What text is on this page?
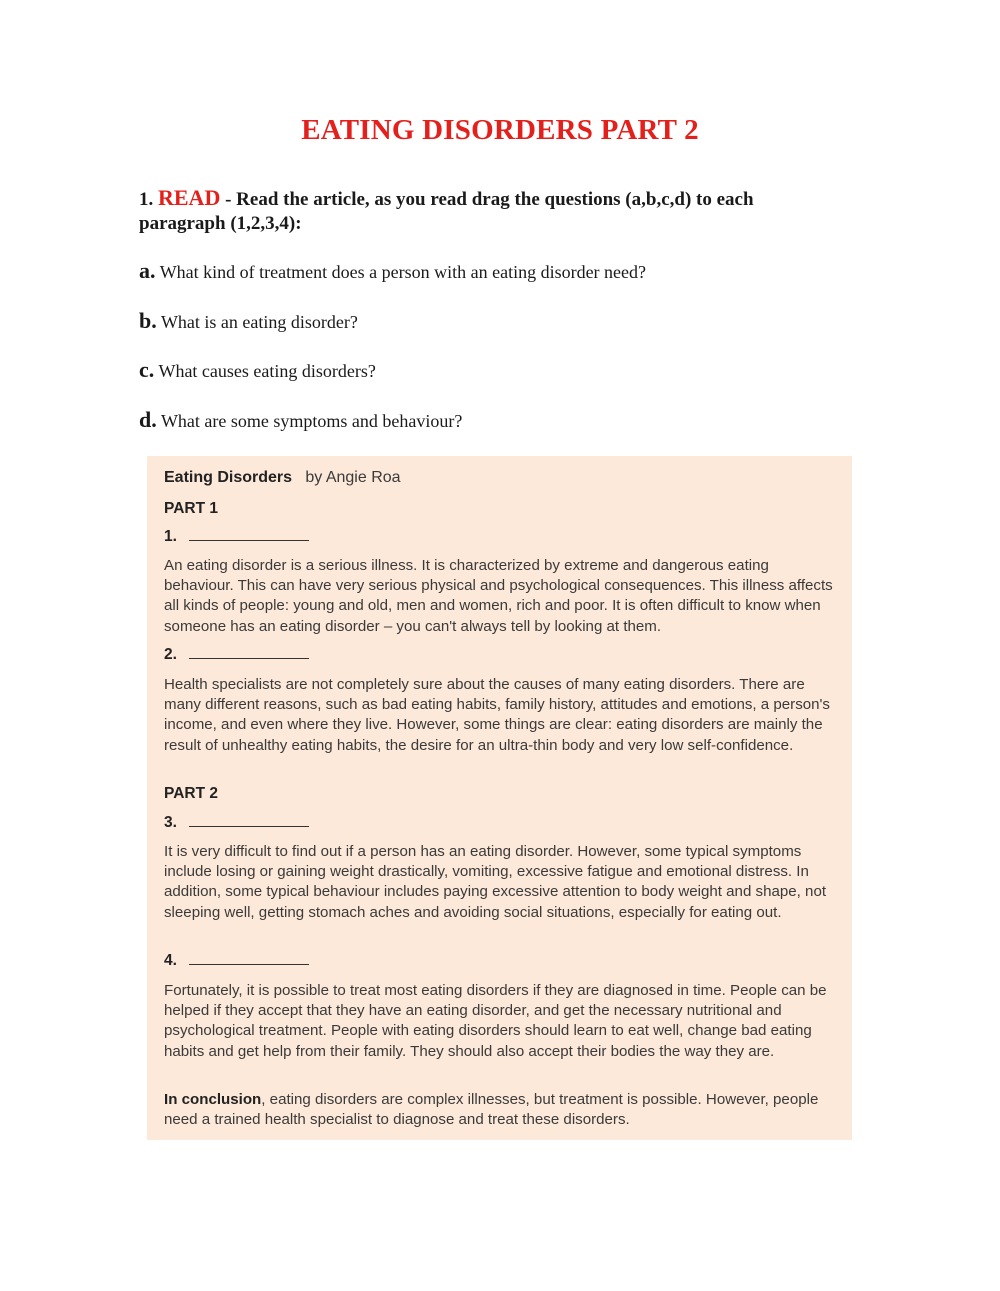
EATING DISORDERS PART 2
1. READ - Read the article, as you read drag the questions (a,b,c,d) to each paragraph (1,2,3,4):
a. What kind of treatment does a person with an eating disorder need?
b. What is an eating disorder?
c. What causes eating disorders?
d. What are some symptoms and behaviour?
Eating Disorders by Angie Roa
PART 1
1.
An eating disorder is a serious illness. It is characterized by extreme and dangerous eating behaviour. This can have very serious physical and psychological consequences. This illness affects all kinds of people: young and old, men and women, rich and poor. It is often difficult to know when someone has an eating disorder – you can't always tell by looking at them.
2.
Health specialists are not completely sure about the causes of many eating disorders. There are many different reasons, such as bad eating habits, family history, attitudes and emotions, a person's income, and even where they live. However, some things are clear: eating disorders are mainly the result of unhealthy eating habits, the desire for an ultra-thin body and very low self-confidence.
PART 2
3.
It is very difficult to find out if a person has an eating disorder. However, some typical symptoms include losing or gaining weight drastically, vomiting, excessive fatigue and emotional distress. In addition, some typical behaviour includes paying excessive attention to body weight and shape, not sleeping well, getting stomach aches and avoiding social situations, especially for eating out.
4.
Fortunately, it is possible to treat most eating disorders if they are diagnosed in time. People can be helped if they accept that they have an eating disorder, and get the necessary nutritional and psychological treatment. People with eating disorders should learn to eat well, change bad eating habits and get help from their family. They should also accept their bodies the way they are.
In conclusion, eating disorders are complex illnesses, but treatment is possible. However, people need a trained health specialist to diagnose and treat these disorders.
